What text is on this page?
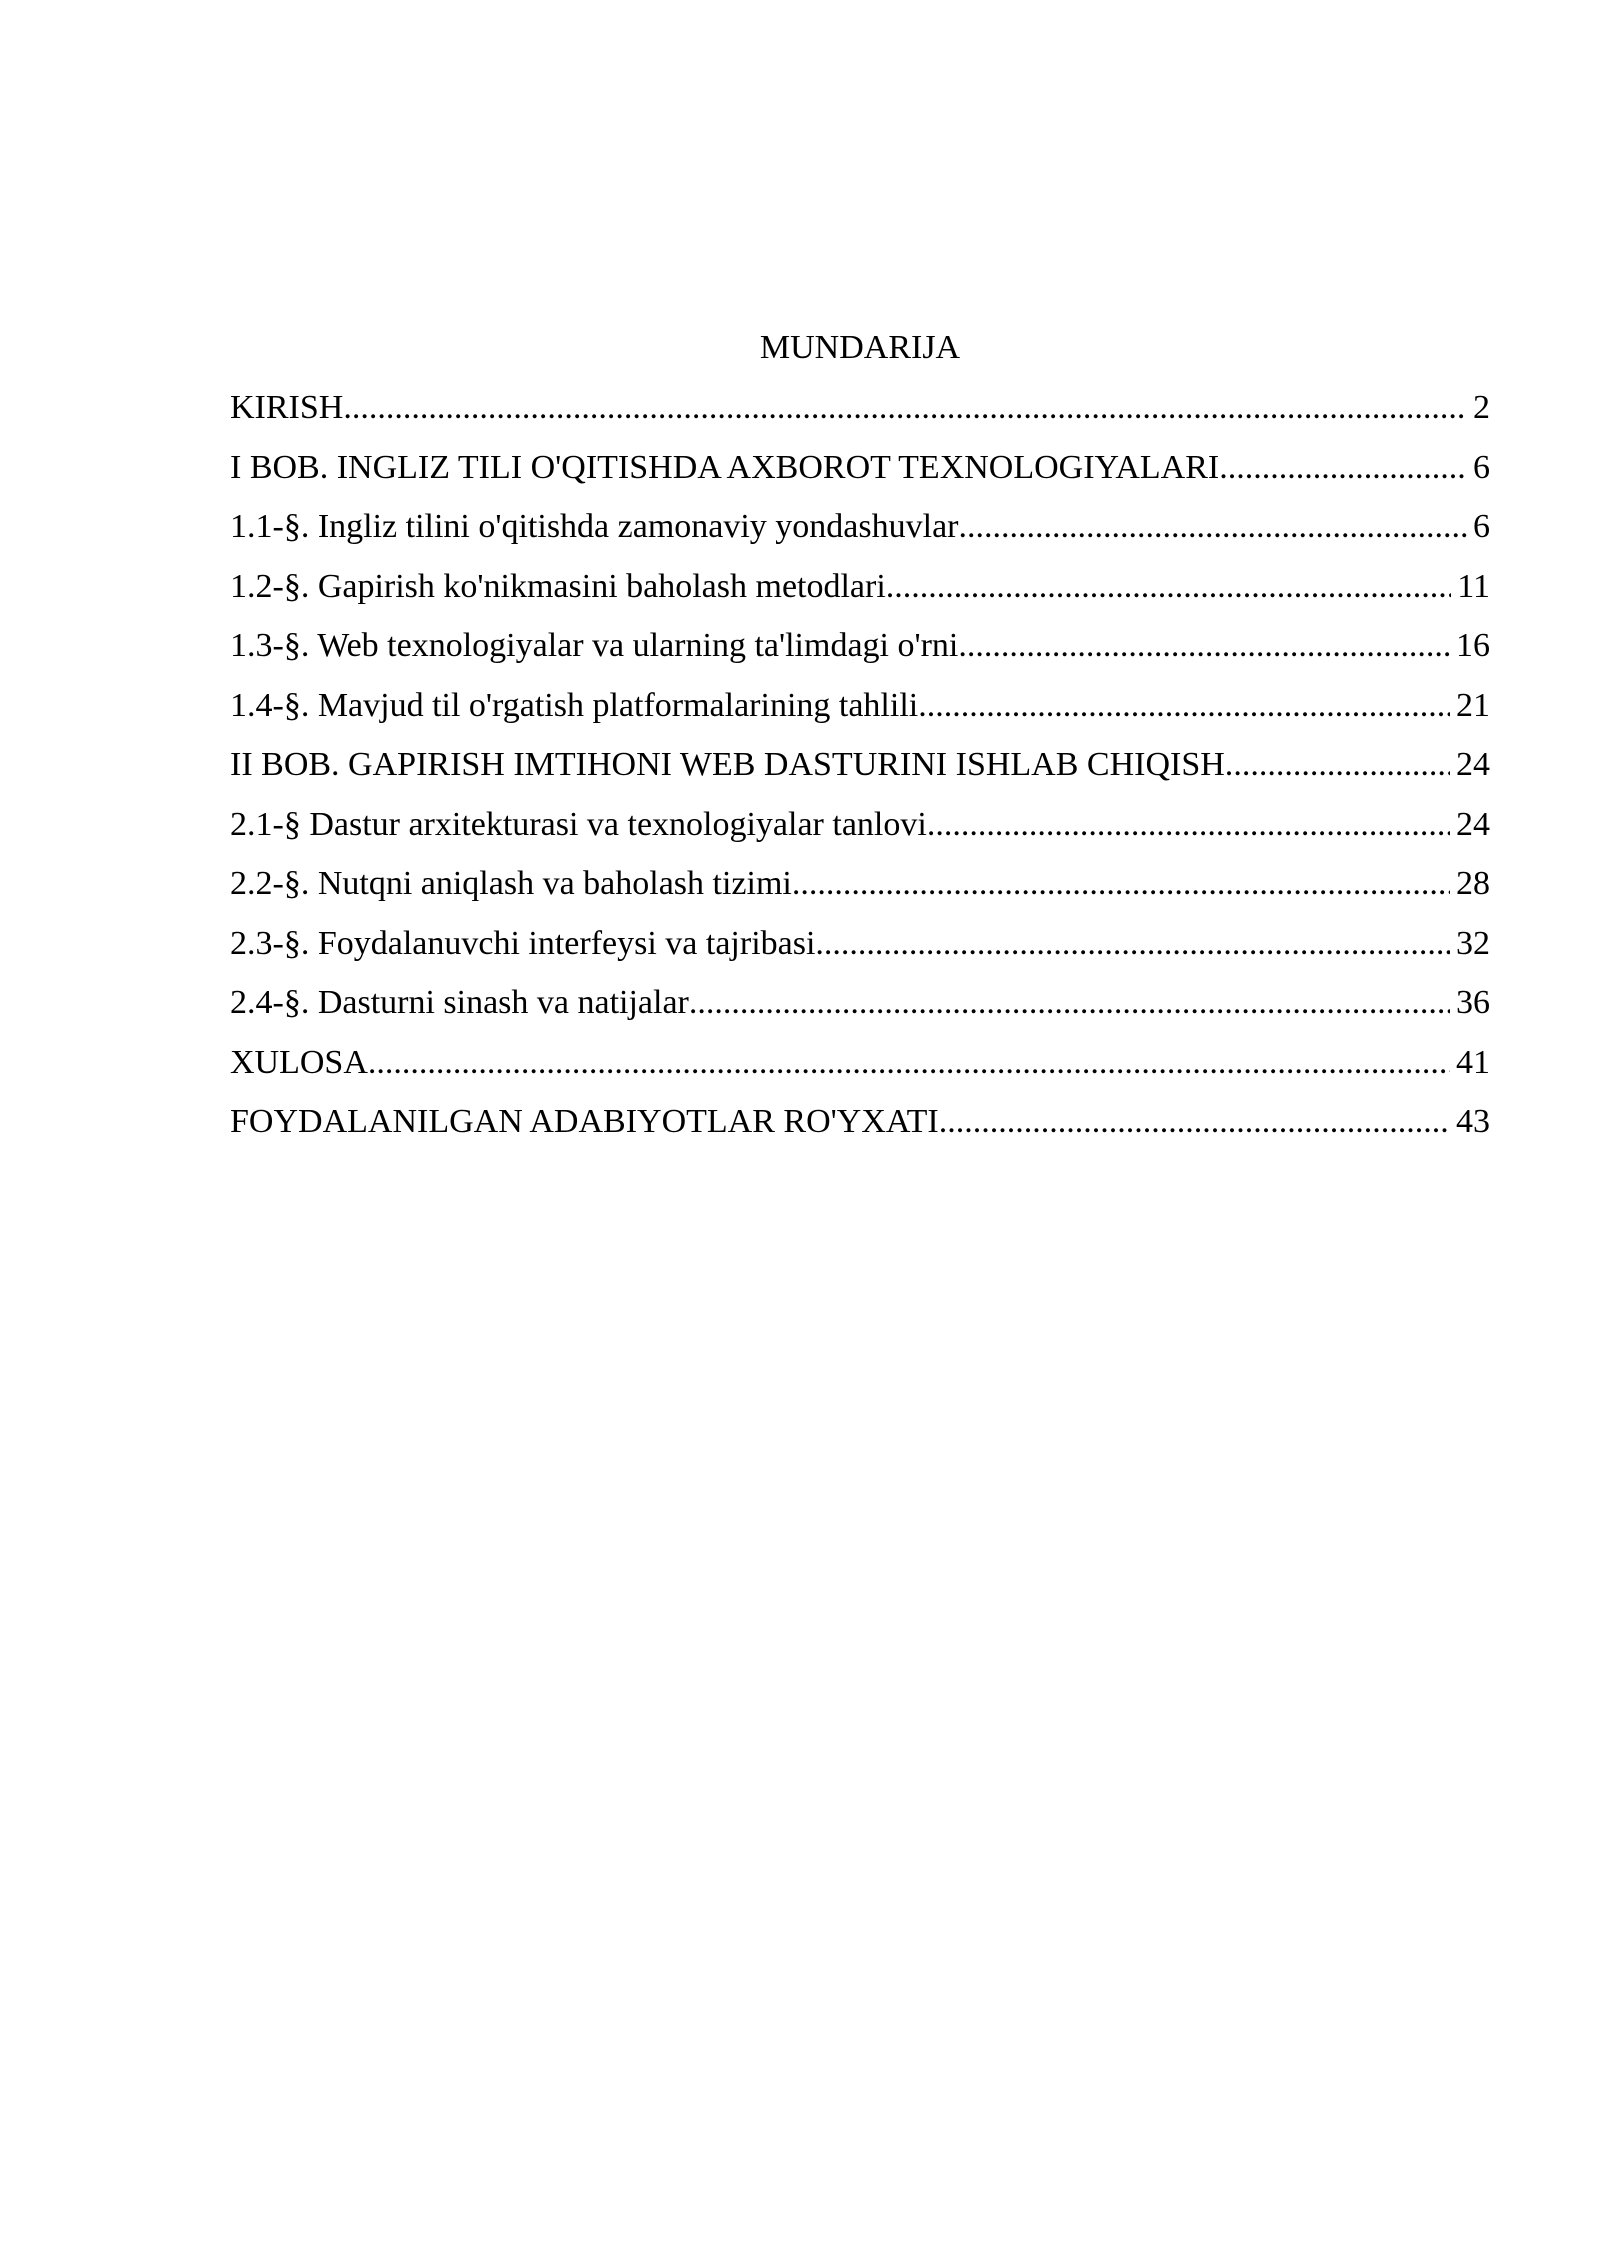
MUNDARIJA
KIRISH .....	2
I BOB. INGLIZ TILI O'QITISHDA AXBOROT TEXNOLOGIYALARI .....	6
1.1-§. Ingliz tilini o'qitishda zamonaviy yondashuvlar .....	6
1.2-§. Gapirish ko'nikmasini baholash metodlari .....	11
1.3-§. Web texnologiyalar va ularning ta'limdagi o'rni .....	16
1.4-§. Mavjud til o'rgatish platformalarining tahlili .....	21
II BOB. GAPIRISH IMTIHONI WEB DASTURINI ISHLAB CHIQISH. .....	24
2.1-§ Dastur arxitekturasi va texnologiyalar tanlovi .....	24
2.2-§. Nutqni aniqlash va baholash tizimi .....	28
2.3-§. Foydalanuvchi interfeysi va tajribasi .....	32
2.4-§. Dasturni sinash va natijalar .....	36
XULOSA .....	41
FOYDALANILGAN ADABIYOTLAR RO'YXATI .....	43
